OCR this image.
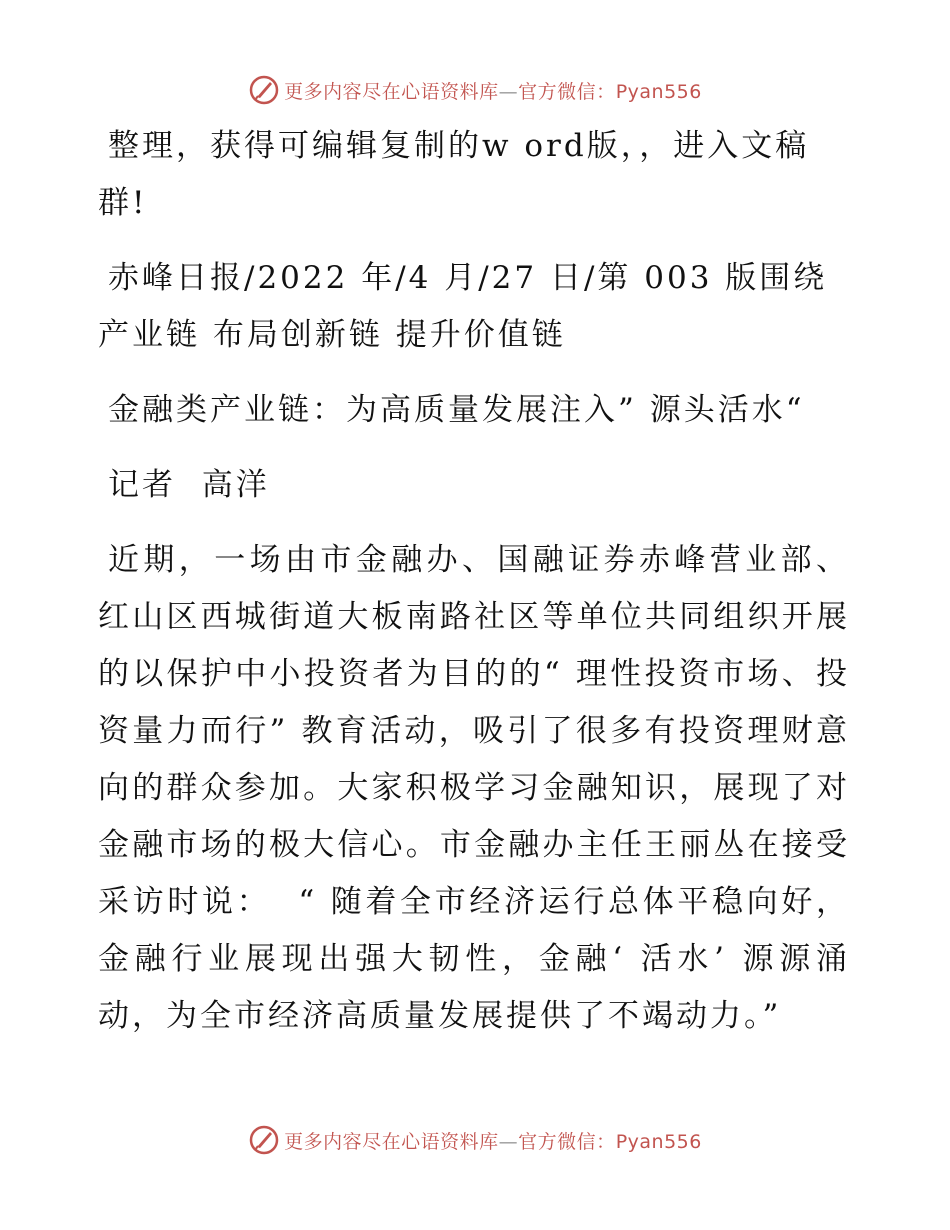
更多内容尽在心语资料库—官方微信：Pyan556

整理，获得可编辑复制的w ord版，，进入文稿群!

赤峰日报/2022 年/4 月/27 日/第 003 版围绕产业链 布局创新链 提升价值链

金融类产业链：为高质量发展注入” 源头活水“

记者  高洋

近期，一场由市金融办、国融证券赤峰营业部、红山区西城街道大板南路社区等单位共同组织开展的以保护中小投资者为目的的“ 理性投资市场、投资量力而行” 教育活动，吸引了很多有投资理财意向的群众参加。大家积极学习金融知识，展现了对金融市场的极大信心。市金融办主任王丽丛在接受采访时说：  “ 随着全市经济运行总体平稳向好，金融行业展现出强大韧性，金融‘ 活水’ 源源涌动，为全市经济高质量发展提供了不竭动力。”

更多内容尽在心语资料库—官方微信：Pyan556
